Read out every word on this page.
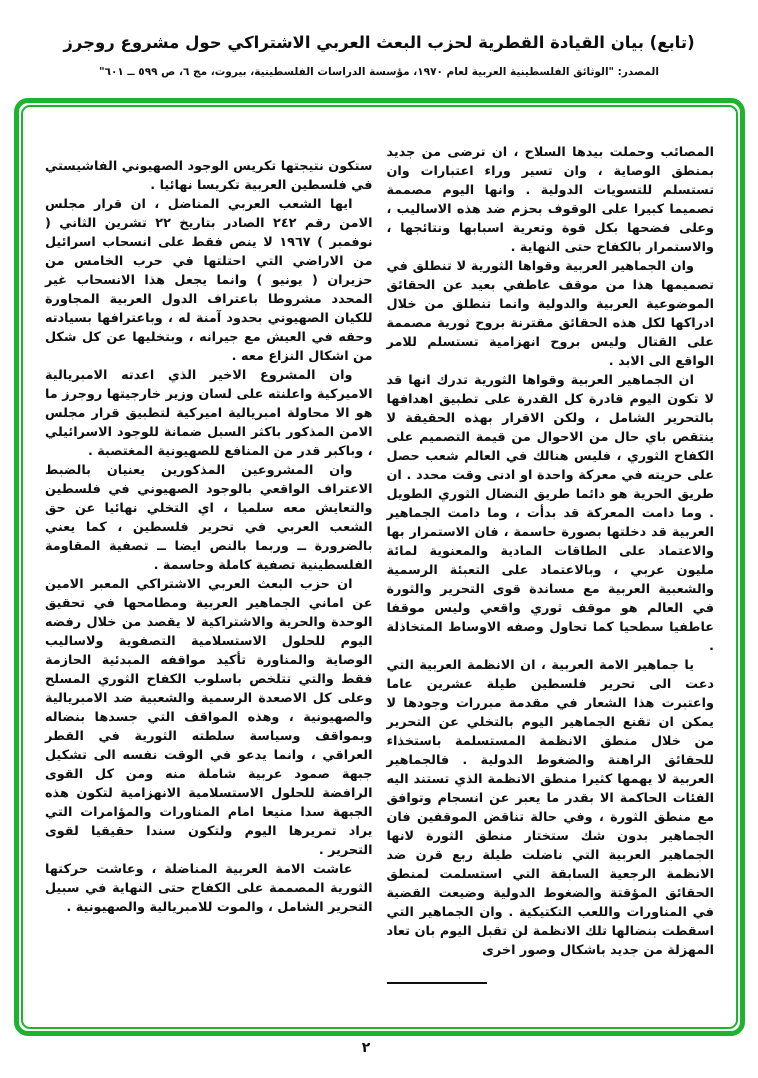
(تابع) بيان القيادة القطرية لحزب البعث العربي الاشتراكي حول مشروع روجرز
المصدر: "الوثائق الفلسطينية العربية لعام ١٩٧٠، مؤسسة الدراسات الفلسطينية، بيروت، مج ٦، ص ٥٩٩ ــ ٦٠١"

المصائب وحملت بيدها السلاح ، ان ترضى من جديد بمنطق الوصاية ، وان تسير وراء اعتبارات وان تستسلم للتسويات الدولية . وانها اليوم مصممة تصميما كبيرا على الوقوف بحزم ضد هذه الاساليب ، وعلى فضحها بكل قوة وتعرية اسبابها ونتائجها ، والاستمرار بالكفاح حتى النهاية .

وان الجماهير العربية وقواها الثورية لا تنطلق في تصميمها هذا من موقف عاطفي بعيد عن الحقائق الموضوعية العربية والدولية وانما تنطلق من خلال ادراكها لكل هذه الحقائق مقترنة بروح ثورية مصممة على القتال وليس بروح انهزامية تستسلم للامر الواقع الى الابد .

ان الجماهير العربية وقواها الثورية تدرك انها قد لا تكون اليوم قادرة كل القدرة على تطبيق اهدافها بالتحرير الشامل ، ولكن الاقرار بهذه الحقيقة لا ينتقص باي حال من الاحوال من قيمة التصميم على الكفاح الثوري ، فليس هنالك في العالم شعب حصل على حريته في معركة واحدة او ادنى وقت محدد . ان طريق الحرية هو دائما طريق النضال الثوري الطويل . وما دامت المعركة قد بدأت ، وما دامت الجماهير العربية قد دخلتها بصورة حاسمة ، فان الاستمرار بها والاعتماد على الطاقات المادية والمعنوية لمائة مليون عربي ، وبالاعتماد على التعبئة الرسمية والشعبية العربية مع مساندة قوى التحرير والثورة في العالم هو موقف ثوري واقعي وليس موقفا عاطفيا سطحيا كما تحاول وصفه الاوساط المتخاذلة .

يا جماهير الامة العربية ، ان الانظمة العربية التي دعت الى تحرير فلسطين طيلة عشرين عاما واعتبرت هذا الشعار في مقدمة مبررات وجودها لا يمكن ان تقنع الجماهير اليوم بالتخلي عن التحرير من خلال منطق الانظمة المستسلمة باستخذاء للحقائق الراهنة والضغوط الدولية . فالجماهير العربية لا يهمها كثيرا منطق الانظمة الذي تستند اليه الفئات الحاكمة الا بقدر ما يعبر عن انسجام وتوافق مع منطق الثورة ، وفي حالة تناقض الموقفين فان الجماهير بدون شك ستختار منطق الثورة لانها الجماهير العربية التي ناضلت طيلة ربع قرن ضد الانظمة الرجعية السابقة التي استسلمت لمنطق الحقائق المؤقتة والضغوط الدولية وضيعت القضية في المناورات واللعب التكتيكية . وان الجماهير التي اسقطت بنضالها تلك الانظمة لن تقبل اليوم بان تعاد المهزلة من جديد باشكال وصور اخرى

ستكون نتيجتها تكريس الوجود الصهيوني الفاشيستي في فلسطين العربية تكريسا نهائيا .

ايها الشعب العربي المناضل ، ان قرار مجلس الامن رقم ٢٤٢ الصادر بتاريخ ٢٢ تشرين الثاني ( نوفمبر ) ١٩٦٧ لا ينص فقط على انسحاب اسرائيل من الاراضي التي احتلتها في حرب الخامس من حزيران ( يونيو ) وانما يجعل هذا الانسحاب غير المحدد مشروطا باعتراف الدول العربية المجاورة للكيان الصهيوني بحدود آمنة له ، وباعترافها بسيادته وحقه في العيش مع جيرانه ، وبتخليها عن كل شكل من اشكال النزاع معه .

وان المشروع الاخير الذي اعدته الامبريالية الاميركية واعلنته على لسان وزير خارجيتها روجرز ما هو الا محاولة امبريالية اميركية لتطبيق قرار مجلس الامن المذكور باكثر السبل ضمانة للوجود الاسرائيلي ، وباكبر قدر من المنافع للصهيونية المغتصبة .

وان المشروعين المذكورين يعنيان بالضبط الاعتراف الواقعي بالوجود الصهيوني في فلسطين والتعايش معه سلميا ، اي التخلي نهائيا عن حق الشعب العربي في تحرير فلسطين ، كما يعني بالضرورة ــ وربما بالنص ايضا ــ تصفية المقاومة الفلسطينية تصفية كاملة وحاسمة .

ان حزب البعث العربي الاشتراكي المعبر الامين عن اماني الجماهير العربية ومطامحها في تحقيق الوحدة والحرية والاشتراكية لا يقصد من خلال رفضه اليوم للحلول الاستسلامية التصفوية ولاساليب الوصاية والمناورة تأكيد مواقفه المبدئية الحازمة فقط والتي تتلخص باسلوب الكفاح الثوري المسلح وعلى كل الاصعدة الرسمية والشعبية ضد الامبريالية والصهيونية ، وهذه المواقف التي جسدها بنضاله وبمواقف وسياسة سلطته الثورية في القطر العراقي ، وانما يدعو في الوقت نفسه الى تشكيل جبهة صمود عربية شاملة منه ومن كل القوى الرافضة للحلول الاستسلامية الانهزامية لتكون هذه الجبهة سدا منيعا امام المناورات والمؤامرات التي يراد تمريرها اليوم ولتكون سندا حقيقيا لقوى التحرير .

عاشت الامة العربية المناضلة ، وعاشت حركتها الثورية المصممة على الكفاح حتى النهاية في سبيل التحرير الشامل ، والموت للامبريالية والصهيونية .

٢
